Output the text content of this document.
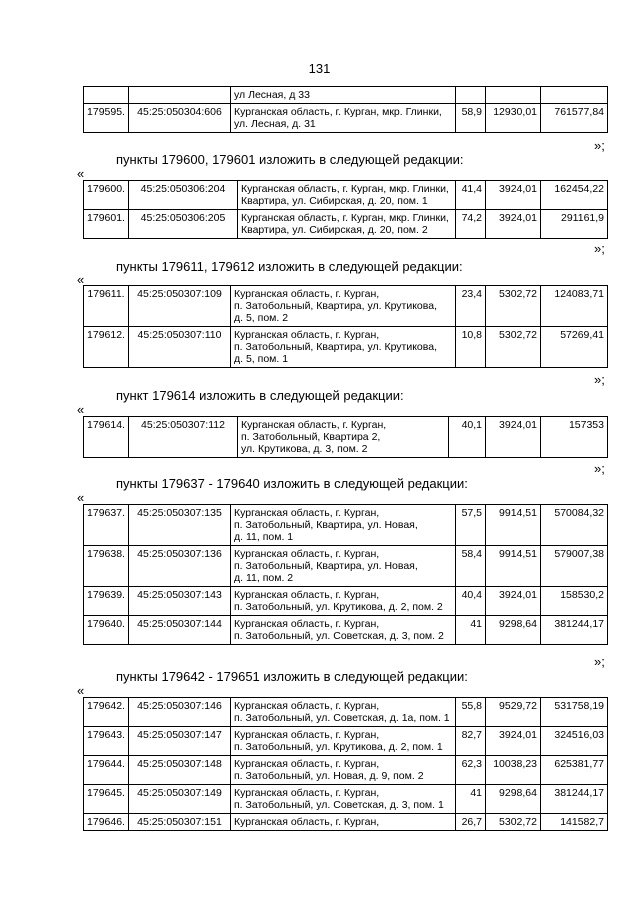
131

		ул Лесная, д 33			

179595.	45:25:050304:606	Курганская область, г. Курган, мкр. Глинки,
ул. Лесная, д. 31	58,9	12930,01	761577,84
»;
пункты 179600, 179601 изложить в следующей редакции:
«
179600.	45:25:050306:204	Курганская область, г. Курган, мкр. Глинки,
Квартира, ул. Сибирская, д. 20, пом. 1	41,4	3924,01	162454,22
179601.	45:25:050306:205	Курганская область, г. Курган, мкр. Глинки,
Квартира, ул. Сибирская, д. 20, пом. 2	74,2	3924,01	291161,9
»;
пункты 179611, 179612 изложить в следующей редакции:
«
179611.	45:25:050307:109	Курганская область, г. Курган,
п. Затобольный, Квартира, ул. Крутикова,
д. 5, пом. 2	23,4	5302,72	124083,71
179612.	45:25:050307:110	Курганская область, г. Курган,
п. Затобольный, Квартира, ул. Крутикова,
д. 5, пом. 1	10,8	5302,72	57269,41
»;
пункт 179614 изложить в следующей редакции:
«
179614.	45:25:050307:112	Курганская область, г. Курган,
п. Затобольный, Квартира 2,
ул. Крутикова, д. 3, пом. 2
	40,1	3924,01	157353
»;
пункты 179637 - 179640 изложить в следующей редакции:
«
179637.	45:25:050307:135	Курганская область, г. Курган,
п. Затобольный, Квартира, ул. Новая,
д. 11, пом. 1	57,5	9914,51	570084,32
179638.	45:25:050307:136	Курганская область, г. Курган,
п. Затобольный, Квартира, ул. Новая,
д. 11, пом. 2	58,4	9914,51	579007,38
179639.	45:25:050307:143	Курганская область, г. Курган,
п. Затобольный, ул. Крутикова, д. 2, пом. 2	40,4	3924,01	158530,2
179640.	45:25:050307:144	Курганская область, г. Курган,
п. Затобольный, ул. Советская, д. 3, пом. 2	41	9298,64	381244,17
»;
пункты 179642 - 179651 изложить в следующей редакции:
«
179642.	45:25:050307:146	Курганская область, г. Курган,
п. Затобольный, ул. Советская, д. 1а, пом. 1	55,8	9529,72	531758,19
179643.	45:25:050307:147	Курганская область, г. Курган,
п. Затобольный, ул. Крутикова, д. 2, пом. 1	82,7	3924,01	324516,03
179644.	45:25:050307:148	Курганская область, г. Курган,
п. Затобольный, ул. Новая, д. 9, пом. 2	62,3	10038,23	625381,77
179645.	45:25:050307:149	Курганская область, г. Курган,
п. Затобольный, ул. Советская, д. 3, пом. 1	41	9298,64	381244,17
179646.	45:25:050307:151	Курганская область, г. Курган,	26,7	5302,72	141582,7
